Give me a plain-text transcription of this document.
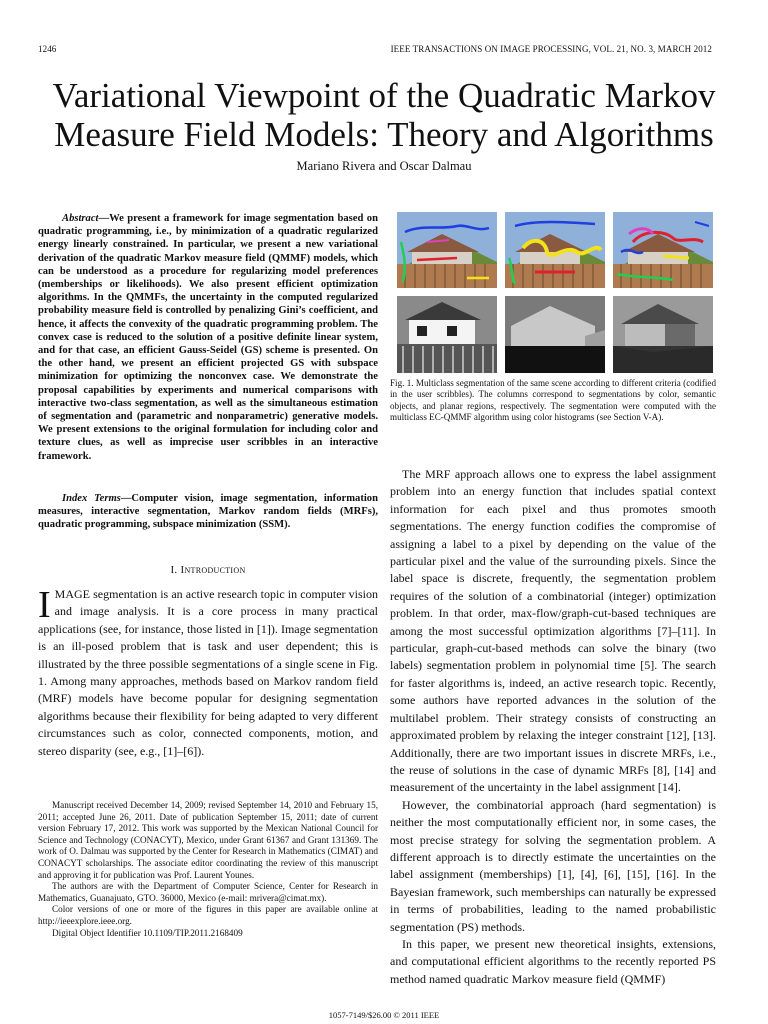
1246	IEEE TRANSACTIONS ON IMAGE PROCESSING, VOL. 21, NO. 3, MARCH 2012
Variational Viewpoint of the Quadratic Markov
Measure Field Models: Theory and Algorithms
Mariano Rivera and Oscar Dalmau
Abstract—We present a framework for image segmentation based on quadratic programming, i.e., by minimization of a quadratic regularized energy linearly constrained. In particular, we present a new variational derivation of the quadratic Markov measure field (QMMF) models, which can be understood as a procedure for regularizing model preferences (memberships or likelihoods). We also present efficient optimization algorithms. In the QMMFs, the uncertainty in the computed regularized probability measure field is controlled by penalizing Gini’s coefficient, and hence, it affects the convexity of the quadratic programming problem. The convex case is reduced to the solution of a positive definite linear system, and for that case, an efficient Gauss-Seidel (GS) scheme is presented. On the other hand, we present an efficient projected GS with subspace minimization for optimizing the nonconvex case. We demonstrate the proposal capabilities by experiments and numerical comparisons with interactive two-class segmentation, as well as the simultaneous estimation of segmentation and (parametric and nonparametric) generative models. We present extensions to the original formulation for including color and texture clues, as well as imprecise user scribbles in an interactive framework.
Index Terms—Computer vision, image segmentation, information measures, interactive segmentation, Markov random fields (MRFs), quadratic programming, subspace minimization (SSM).
I. Introduction
IMAGE segmentation is an active research topic in computer vision and image analysis. It is a core process in many practical applications (see, for instance, those listed in [1]). Image segmentation is an ill-posed problem that is task and user dependent; this is illustrated by the three possible segmentations of a single scene in Fig. 1. Among many approaches, methods based on Markov random field (MRF) models have become popular for designing segmentation algorithms because their flexibility for being adapted to very different circumstances such as color, connected components, motion, and stereo disparity (see, e.g., [1]–[6]).

Manuscript received December 14, 2009; revised September 14, 2010 and February 15, 2011; accepted June 26, 2011. Date of publication September 15, 2011; date of current version February 17, 2012. This work was supported by the Mexican National Council for Science and Technology (CONACYT), Mexico, under Grant 61367 and Grant 131369. The work of O. Dalmau was supported by the Center for Research in Mathematics (CIMAT) and CONACYT scholarships. The associate editor coordinating the review of this manuscript and approving it for publication was Prof. Laurent Younes.

The authors are with the Department of Computer Science, Center for Research in Mathematics, Guanajuato, GTO. 36000, Mexico (e-mail: mrivera@cimat.mx).

Color versions of one or more of the figures in this paper are available online at http://ieeexplore.ieee.org.

Digital Object Identifier 10.1109/TIP.2011.2168409

Fig. 1. Multiclass segmentation of the same scene according to different criteria (codified in the user scribbles). The columns correspond to segmentations by color, semantic objects, and planar regions, respectively. The segmentation were computed with the multiclass EC-QMMF algorithm using color histograms (see Section V-A).

The MRF approach allows one to express the label assignment problem into an energy function that includes spatial context information for each pixel and thus promotes smooth segmentations. The energy function codifies the compromise of assigning a label to a pixel by depending on the value of the particular pixel and the value of the surrounding pixels. Since the label space is discrete, frequently, the segmentation problem requires of the solution of a combinatorial (integer) optimization problem. In that order, max-flow/graph-cut-based techniques are among the most successful optimization algorithms [7]–[11]. In particular, graph-cut-based methods can solve the binary (two labels) segmentation problem in polynomial time [5]. The search for faster algorithms is, indeed, an active research topic. Recently, some authors have reported advances in the solution of the multilabel problem. Their strategy consists of constructing an approximated problem by relaxing the integer constraint [12], [13]. Additionally, there are two important issues in discrete MRFs, i.e., the reuse of solutions in the case of dynamic MRFs [8], [14] and measurement of the uncertainty in the label assignment [14].

However, the combinatorial approach (hard segmentation) is neither the most computationally efficient nor, in some cases, the most precise strategy for solving the segmentation problem. A different approach is to directly estimate the uncertainties on the label assignment (memberships) [1], [4], [6], [15], [16]. In the Bayesian framework, such memberships can naturally be expressed in terms of probabilities, leading to the named probabilistic segmentation (PS) methods.

In this paper, we present new theoretical insights, extensions, and computational efficient algorithms to the recently reported PS method named quadratic Markov measure field (QMMF)

1057-7149/$26.00 © 2011 IEEE
